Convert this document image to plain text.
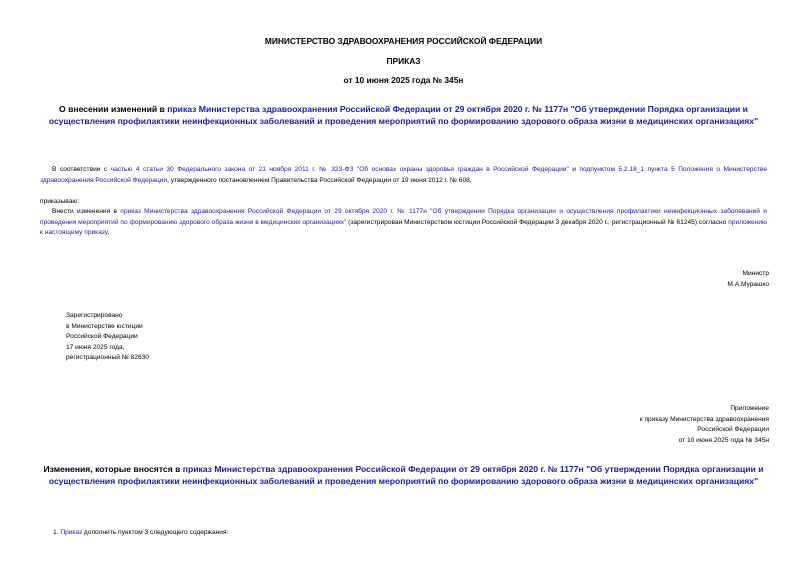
МИНИСТЕРСТВО ЗДРАВООХРАНЕНИЯ РОССИЙСКОЙ ФЕДЕРАЦИИ
ПРИКАЗ
от 10 июня 2025 года № 345н
О внесении изменений в приказ Министерства здравоохранения Российской Федерации от 29 октября 2020 г. № 1177н "Об утверждении Порядка организации и осуществления профилактики неинфекционных заболеваний и проведения мероприятий по формированию здорового образа жизни в медицинских организациях"
В соответствии с частью 4 статьи 30 Федерального закона от 21 ноября 2011 г. № 323-ФЗ "Об основах охраны здоровья граждан в Российской Федерации" и подпунктом 5.2.18_1 пункта 5 Положения о Министерстве здравоохранения Российской Федерации, утвержденного постановлением Правительства Российской Федерации от 19 июня 2012 г. № 608,
приказываю:
Внести изменения в приказ Министерства здравоохранения Российской Федерации от 29 октября 2020 г. № 1177н "Об утверждении Порядка организации и осуществления профилактики неинфекционных заболеваний и проведения мероприятий по формированию здорового образа жизни в медицинских организациях" (зарегистрирован Министерством юстиции Российской Федерации 3 декабря 2020 г., регистрационный № 61245) согласно приложению к настоящему приказу.
Министр
М.А.Мурашко
Зарегистрировано
в Министерстве юстиции
Российской Федерации
17 июня 2025 года,
регистрационный № 82630
Приложение
к приказу Министерства здравоохранения
Российской Федерации
от 10 июня 2025 года № 345н
Изменения, которые вносятся в приказ Министерства здравоохранения Российской Федерации от 29 октября 2020 г. № 1177н "Об утверждении Порядка организации и осуществления профилактики неинфекционных заболеваний и проведения мероприятий по формированию здорового образа жизни в медицинских организациях"
1. Приказ дополнить пунктом 3 следующего содержания:
